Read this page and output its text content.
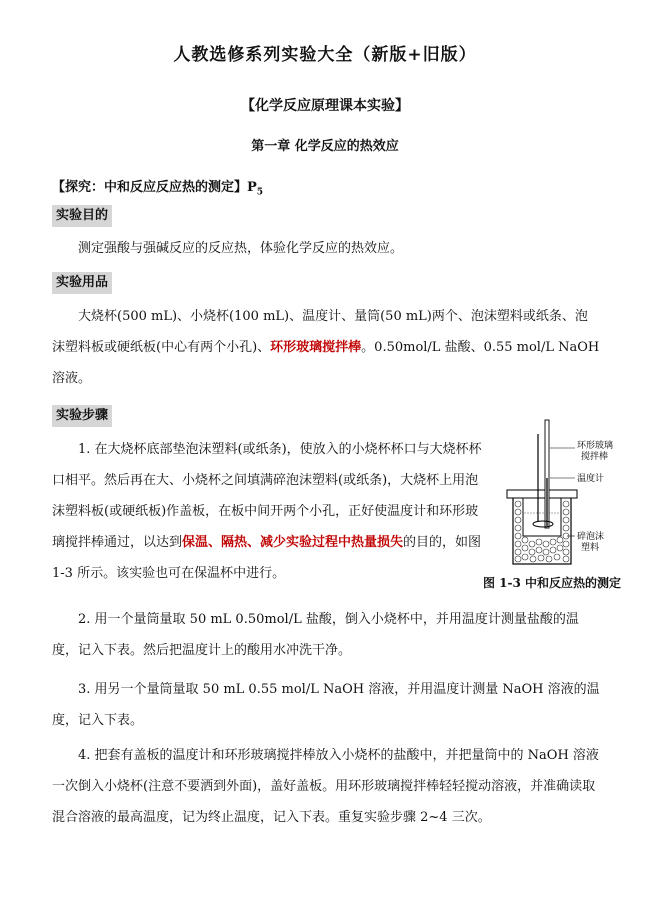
人教选修系列实验大全（新版+旧版）
【化学反应原理课本实验】
第一章 化学反应的热效应
【探究：中和反应反应热的测定】$P_5$
实验目的
测定强酸与强碱反应的反应热，体验化学反应的热效应。
实验用品
大烧杯(500 mL)、小烧杯(100 mL)、温度计、量筒(50 mL)两个、泡沫塑料或纸条、泡沫塑料板或硬纸板(中心有两个小孔)、环形玻璃搅拌棒。0.50mol/L 盐酸、0.55 mol/L NaOH 溶液。
实验步骤
1. 在大烧杯底部垫泡沫塑料(或纸条)，使放入的小烧杯杯口与大烧杯杯口相平。然后再在大、小烧杯之间填满碎泡沫塑料(或纸条)，大烧杯上用泡沫塑料板(或硬纸板)作盖板，在板中间开两个小孔，正好使温度计和环形玻璃搅拌棒通过，以达到保温、隔热、减少实验过程中热量损失的目的，如图1-3 所示。该实验也可在保温杯中进行。
环形玻璃
搅拌棒
温度计
碎泡沫
塑料
图 1-3 中和反应热的测定
2. 用一个量筒量取 50 mL 0.50mol/L 盐酸，倒入小烧杯中，并用温度计测量盐酸的温度，记入下表。然后把温度计上的酸用水冲洗干净。
3. 用另一个量筒量取 50 mL 0.55 mol/L NaOH 溶液，并用温度计测量 NaOH 溶液的温度，记入下表。
4. 把套有盖板的温度计和环形玻璃搅拌棒放入小烧杯的盐酸中，并把量筒中的 NaOH 溶液一次倒入小烧杯(注意不要洒到外面)，盖好盖板。用环形玻璃搅拌棒轻轻搅动溶液，并准确读取混合溶液的最高温度，记为终止温度，记入下表。重复实验步骤 2~4 三次。
